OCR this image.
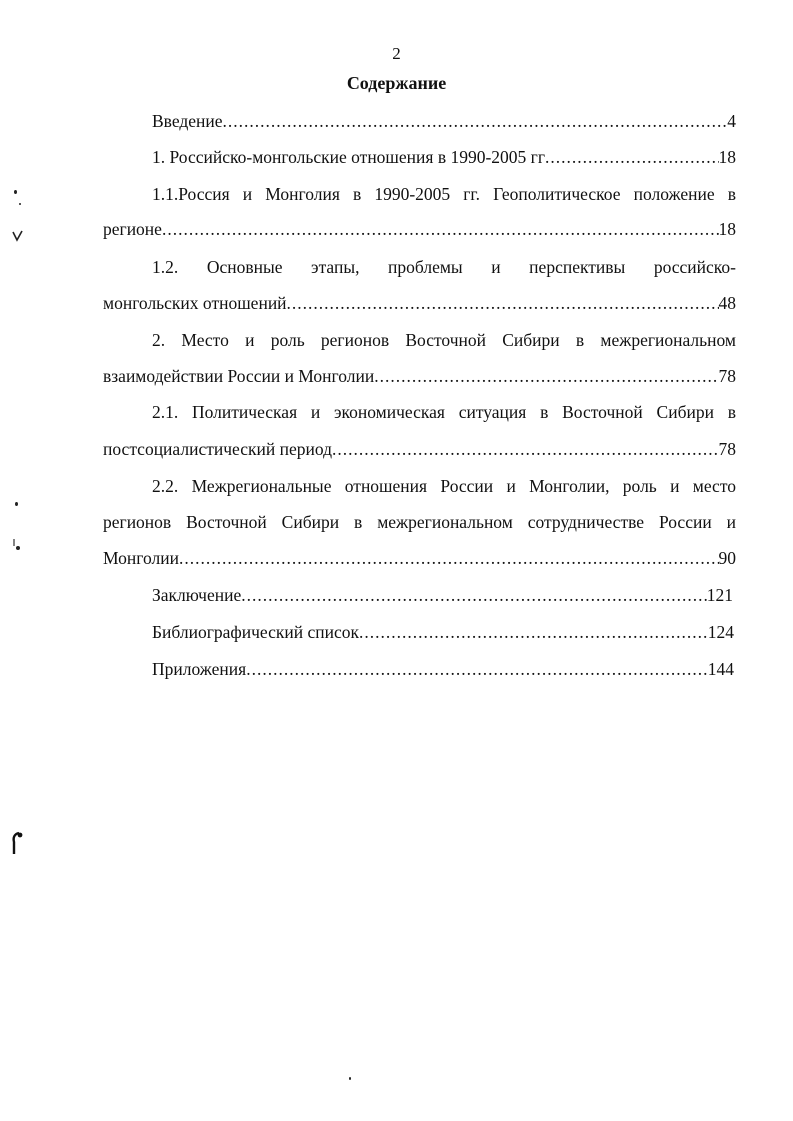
2
Содержание
Введение .....	4
1. Российско-монгольские отношения в 1990-2005 гг .....	18
1.1.Россия и Монголия в 1990-2005 гг. Геополитическое положение в
регионе .....	18
1.2. Основные этапы, проблемы и перспективы российско-
монгольских отношений .....	48
2. Место и роль регионов Восточной Сибири в межрегиональном
взаимодействии России и Монголии .....	78
2.1. Политическая и экономическая ситуация в Восточной Сибири в
постсоциалистический период .....	78
2.2. Межрегиональные отношения России и Монголии, роль и место
регионов Восточной Сибири в межрегиональном сотрудничестве России и
Монголии .....	90
Заключение .....	121
Библиографический список .....	124
Приложения .....	144
